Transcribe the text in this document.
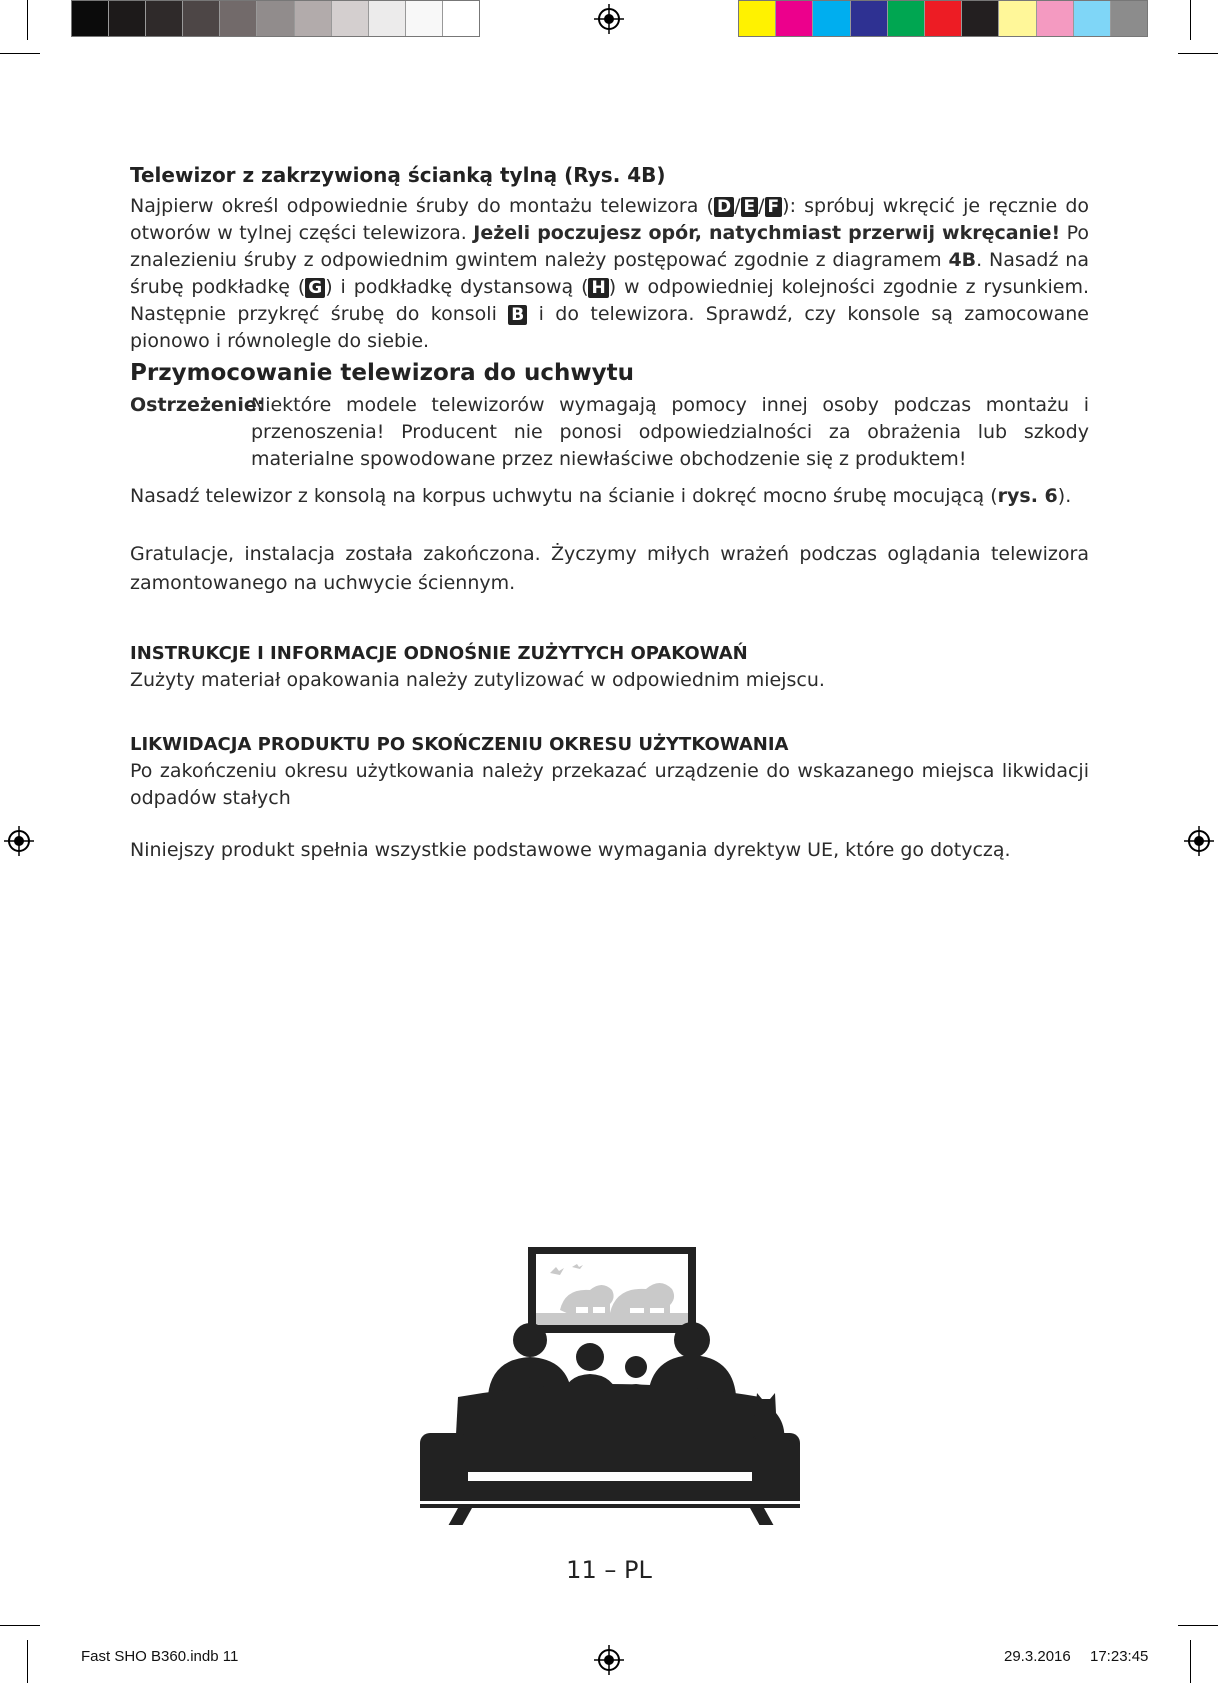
Telewizor z zakrzywioną ścianką tylną (Rys. 4B)
Najpierw określ odpowiednie śruby do montażu telewizora ( D / E / F ): spróbuj wkręcić je ręcznie do otworów w tylnej części telewizora. Jeżeli poczujesz opór, natychmiast przerwij wkręcanie! Po znalezieniu śruby z odpowiednim gwintem należy postępować zgodnie z diagramem 4B. Nasadź na śrubę podkładkę ( G ) i podkładkę dystansową ( H ) w odpowiedniej kolejności zgodnie z rysunkiem. Następnie przykręć śrubę do konsoli B i do telewizora. Sprawdź, czy konsole są zamocowane pionowo i równolegle do siebie.
Przymocowanie telewizora do uchwytu
Ostrzeżenie:
Niektóre modele telewizorów wymagają pomocy innej osoby podczas montażu i przenoszenia! Producent nie ponosi odpowiedzialności za obrażenia lub szkody materialne spowodowane przez niewłaściwe obchodzenie się z produktem!
Nasadź telewizor z konsolą na korpus uchwytu na ścianie i dokręć mocno śrubę mocującą (rys. 6).
Gratulacje, instalacja została zakończona. Życzymy miłych wrażeń podczas oglądania telewizora zamontowanego na uchwycie ściennym.
INSTRUKCJE I INFORMACJE ODNOŚNIE ZUŻYTYCH OPAKOWAŃ
Zużyty materiał opakowania należy zutylizować w odpowiednim miejscu.
LIKWIDACJA PRODUKTU PO SKOŃCZENIU OKRESU UŻYTKOWANIA
Po zakończeniu okresu użytkowania należy przekazać urządzenie do wskazanego miejsca likwidacji odpadów stałych
Niniejszy produkt spełnia wszystkie podstawowe wymagania dyrektyw UE, które go dotyczą.
11 – PL
Fast SHO B360.indb 11	29.3.2016 17:23:45
